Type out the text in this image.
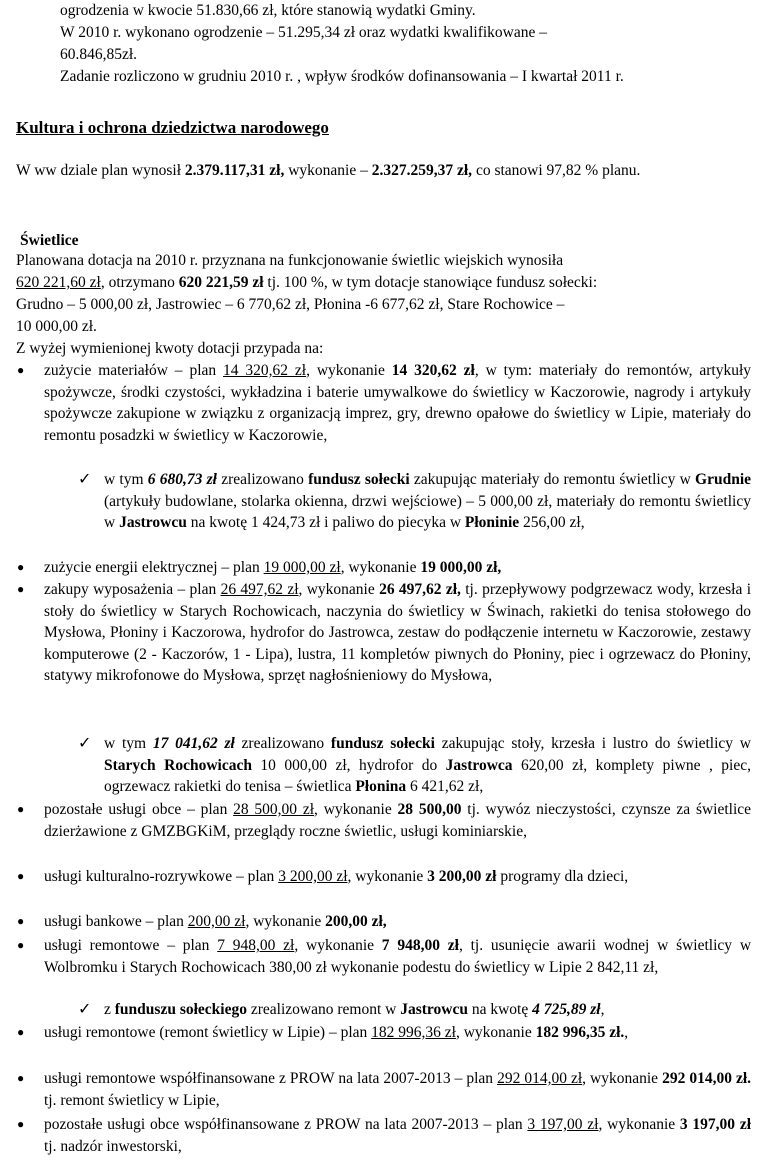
ogrodzenia w kwocie 51.830,66 zł, które stanowią wydatki Gminy.
W 2010 r. wykonano ogrodzenie – 51.295,34 zł oraz wydatki kwalifikowane –
60.846,85zł.
Zadanie rozliczono w grudniu 2010 r. , wpływ środków dofinansowania – I kwartał 2011 r.
Kultura i ochrona dziedzictwa narodowego
W ww dziale plan wynosił 2.379.117,31 zł, wykonanie – 2.327.259,37 zł, co stanowi 97,82 % planu.
Świetlice
Planowana dotacja na 2010 r. przyznana na funkcjonowanie świetlic wiejskich wynosiła
620 221,60 zł, otrzymano 620 221,59 zł tj. 100 %, w tym dotacje stanowiące fundusz sołecki:
Grudno – 5 000,00 zł, Jastrowiec – 6 770,62 zł, Płonina -6 677,62 zł, Stare Rochowice –
10 000,00 zł.
Z wyżej wymienionej kwoty dotacji przypada na:
● zużycie materiałów – plan 14 320,62 zł, wykonanie 14 320,62 zł, w tym: materiały do remontów, artykuły spożywcze, środki czystości, wykładzina i baterie umywalkowe do świetlicy w Kaczorowie, nagrody i artykuły spożywcze zakupione w związku z organizacją imprez, gry, drewno opałowe do świetlicy w Lipie, materiały do remontu posadzki w świetlicy w Kaczorowie,
✓ w tym 6 680,73 zł zrealizowano fundusz sołecki zakupując materiały do remontu świetlicy w Grudnie (artykuły budowlane, stolarka okienna, drzwi wejściowe) – 5 000,00 zł, materiały do remontu świetlicy w Jastrowcu na kwotę 1 424,73 zł i paliwo do piecyka w Płoninie 256,00 zł,
● zużycie energii elektrycznej – plan 19 000,00 zł, wykonanie 19 000,00 zł,
● zakupy wyposażenia – plan 26 497,62 zł, wykonanie 26 497,62 zł, tj. przepływowy podgrzewacz wody, krzesła i stoły do świetlicy w Starych Rochowicach, naczynia do świetlicy w Świnach, rakietki do tenisa stołowego do Mysłowa, Płoniny i Kaczorowa, hydrofor do Jastrowca, zestaw do podłączenie internetu w Kaczorowie, zestawy komputerowe (2 - Kaczorów, 1 - Lipa), lustra, 11 kompletów piwnych do Płoniny, piec i ogrzewacz do Płoniny, statywy mikrofonowe do Mysłowa, sprzęt nagłośnieniowy do Mysłowa,
✓ w tym 17 041,62 zł zrealizowano fundusz sołecki zakupując stoły, krzesła i lustro do świetlicy w Starych Rochowicach 10 000,00 zł, hydrofor do Jastrowca 620,00 zł, komplety piwne , piec, ogrzewacz rakietki do tenisa – świetlica Płonina 6 421,62 zł,
● pozostałe usługi obce – plan 28 500,00 zł, wykonanie 28 500,00 tj. wywóz nieczystości, czynsze za świetlice dzierżawione z GMZBGKiM, przeglądy roczne świetlic, usługi kominiarskie,
● usługi kulturalno-rozrywkowe – plan 3 200,00 zł, wykonanie 3 200,00 zł programy dla dzieci,
● usługi bankowe – plan 200,00 zł, wykonanie 200,00 zł,
● usługi remontowe – plan 7 948,00 zł, wykonanie 7 948,00 zł, tj. usunięcie awarii wodnej w świetlicy w Wolbromku i Starych Rochowicach 380,00 zł wykonanie podestu do świetlicy w Lipie 2 842,11 zł,
✓ z funduszu sołeckiego zrealizowano remont w Jastrowcu na kwotę 4 725,89 zł,
● usługi remontowe (remont świetlicy w Lipie) – plan 182 996,36 zł, wykonanie 182 996,35 zł.,
● usługi remontowe współfinansowane z PROW na lata 2007-2013 – plan 292 014,00 zł, wykonanie 292 014,00 zł. tj. remont świetlicy w Lipie,
● pozostałe usługi obce współfinansowane z PROW na lata 2007-2013 – plan 3 197,00 zł, wykonanie 3 197,00 zł tj. nadzór inwestorski,
